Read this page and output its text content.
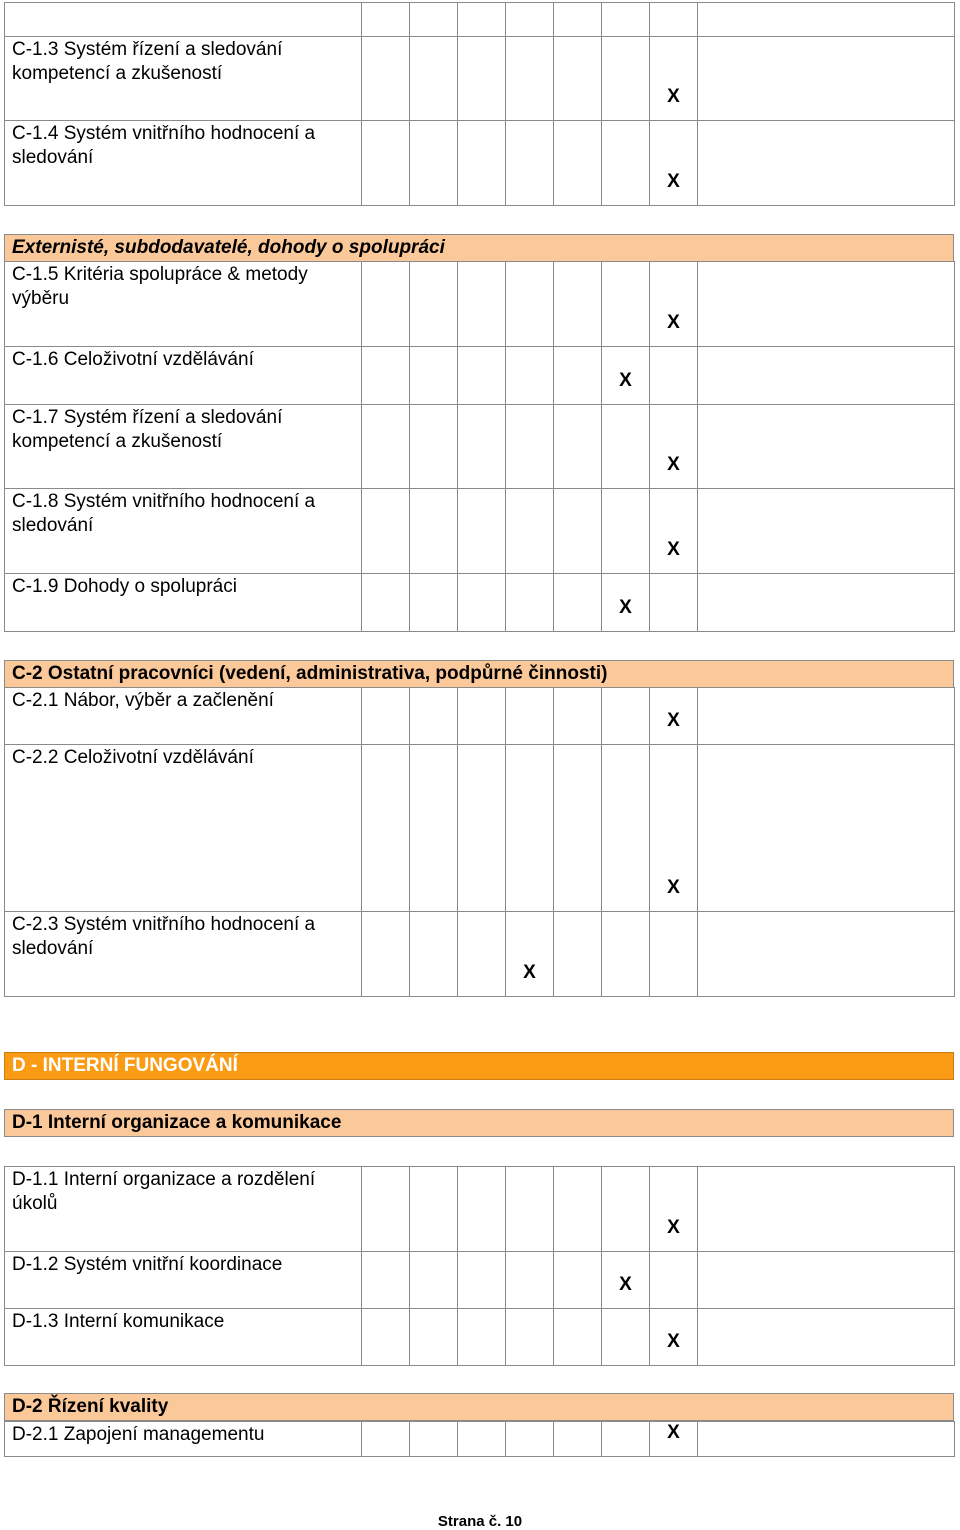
C-1.3 Systém řízení a sledování kompetencí a zkušeností							X	
C-1.4 Systém vnitřního hodnocení a sledování							X	
Externisté, subdodavatelé, dohody o spolupráci
C-1.5 Kritéria spolupráce & metody výběru							X	
C-1.6 Celoživotní vzdělávání						X		
C-1.7 Systém řízení a sledování kompetencí a zkušeností							X	
C-1.8 Systém vnitřního hodnocení a sledování							X	
C-1.9 Dohody o spolupráci						X		
C-2 Ostatní pracovníci (vedení, administrativa, podpůrné činnosti)
C-2.1 Nábor, výběr a začlenění							X	
C-2.2 Celoživotní vzdělávání							X	
C-2.3 Systém vnitřního hodnocení a sledování				X				
D - INTERNÍ FUNGOVÁNÍ
D-1 Interní organizace a komunikace
D-1.1 Interní organizace a rozdělení úkolů							X	
D-1.2 Systém vnitřní koordinace						X		
D-1.3 Interní komunikace							X	
D-2 Řízení kvality
D-2.1 Zapojení managementu							X	
Strana č. 10
